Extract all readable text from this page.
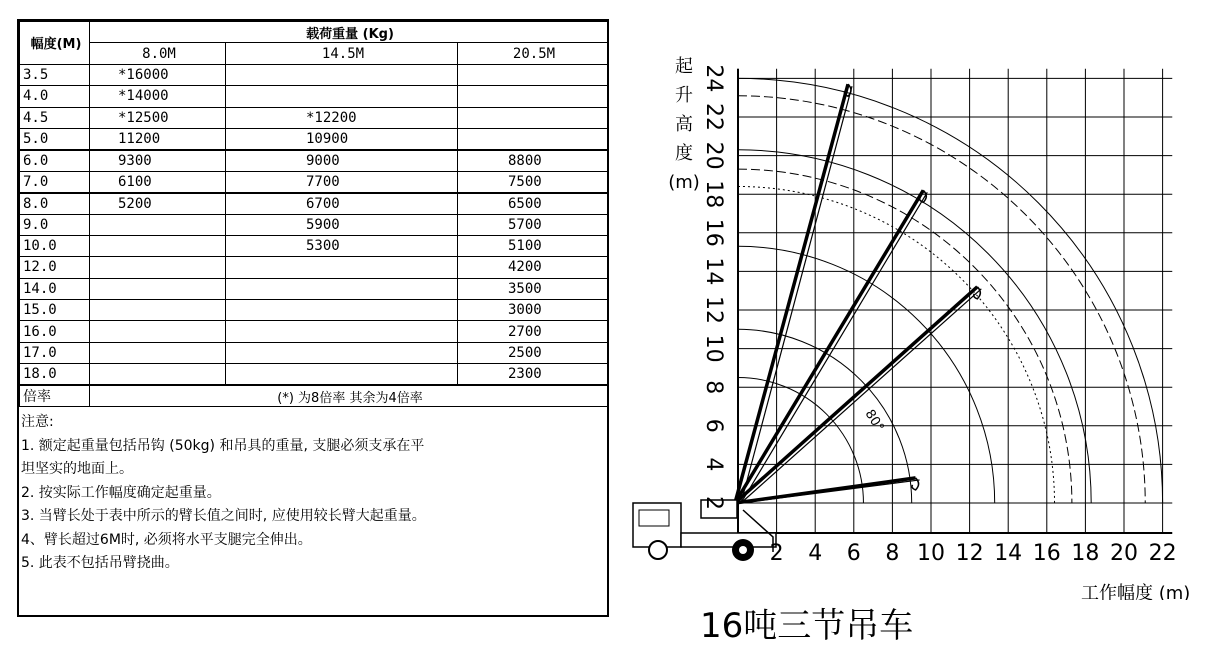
幅度(M)	载荷重量 (Kg)		
	8.0M	14.5M	20.5M
3.5	*16000		
4.0	*14000		
4.5	*12500	*12200	
5.0	11200	10900	
6.0	9300	9000	8800
7.0	6100	7700	7500
8.0	5200	6700	6500
9.0		5900	5700
10.0		5300	5100
12.0			4200
14.0			3500
15.0			3000
16.0			2700
17.0			2500
18.0			2300
倍率	(*) 为8倍率 其余为4倍率		
注意:
1. 额定起重量包括吊钩 (50kg) 和吊具的重量, 支腿必须支承在平
坦坚实的地面上。
2. 按实际工作幅度确定起重量。
3. 当臂长处于表中所示的臂长值之间时, 应使用较长臂大起重量。
4、臂长超过6M时, 必须将水平支腿完全伸出。
5. 此表不包括吊臂挠曲。	2 4 6 8 10 12 14 16 18 20 22
2
4
6
8
10
12
14
16
18
20
22
24
80°
起
升
高
度
(m)
工作幅度 (m)
16吨三节吊车
